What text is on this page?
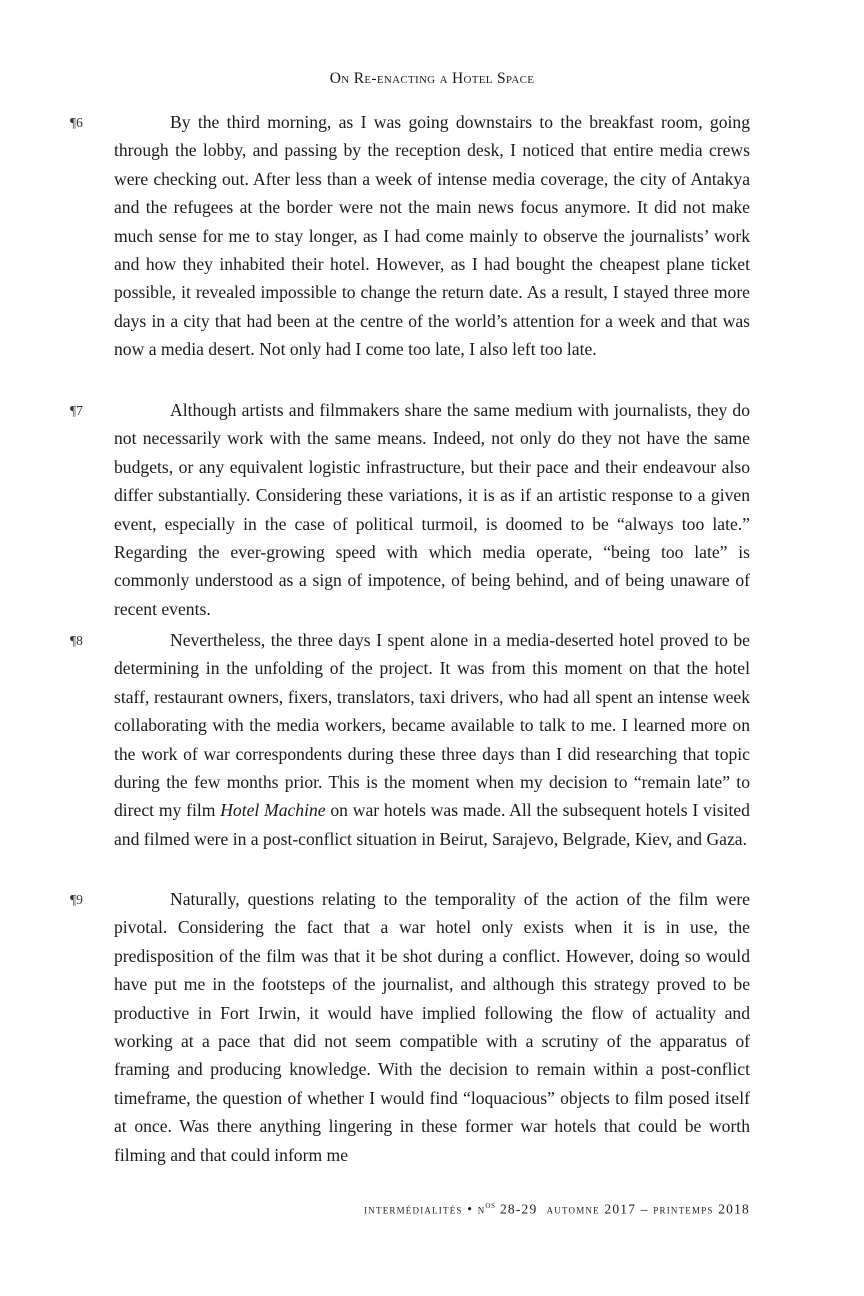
On Re-enacting a Hotel Space
¶6	By the third morning, as I was going downstairs to the breakfast room, going through the lobby, and passing by the reception desk, I noticed that entire media crews were checking out. After less than a week of intense media coverage, the city of Antakya and the refugees at the border were not the main news focus anymore. It did not make much sense for me to stay longer, as I had come mainly to observe the journalists’ work and how they inhabited their hotel. However, as I had bought the cheapest plane ticket possible, it revealed impossible to change the return date. As a result, I stayed three more days in a city that had been at the centre of the world’s attention for a week and that was now a media desert. Not only had I come too late, I also left too late.
¶7	Although artists and filmmakers share the same medium with journalists, they do not necessarily work with the same means. Indeed, not only do they not have the same budgets, or any equivalent logistic infrastructure, but their pace and their endeavour also differ substantially. Considering these variations, it is as if an artistic response to a given event, especially in the case of political turmoil, is doomed to be “always too late.” Regarding the ever-growing speed with which media operate, “being too late” is commonly understood as a sign of impotence, of being behind, and of being unaware of recent events.
¶8	Nevertheless, the three days I spent alone in a media-deserted hotel proved to be determining in the unfolding of the project. It was from this moment on that the hotel staff, restaurant owners, fixers, translators, taxi drivers, who had all spent an intense week collaborating with the media workers, became available to talk to me. I learned more on the work of war correspondents during these three days than I did researching that topic during the few months prior. This is the moment when my decision to “remain late” to direct my film Hotel Machine on war hotels was made. All the subsequent hotels I visited and filmed were in a post-conflict situation in Beirut, Sarajevo, Belgrade, Kiev, and Gaza.
¶9	Naturally, questions relating to the temporality of the action of the film were pivotal. Considering the fact that a war hotel only exists when it is in use, the predisposition of the film was that it be shot during a conflict. However, doing so would have put me in the footsteps of the journalist, and although this strategy proved to be productive in Fort Irwin, it would have implied following the flow of actuality and working at a pace that did not seem compatible with a scrutiny of the apparatus of framing and producing knowledge. With the decision to remain within a post-conflict timeframe, the question of whether I would find “loquacious” objects to film posed itself at once. Was there anything lingering in these former war hotels that could be worth filming and that could inform me
intermédialités • $n^{os}$ 28-29 automne 2017 – printemps 2018
